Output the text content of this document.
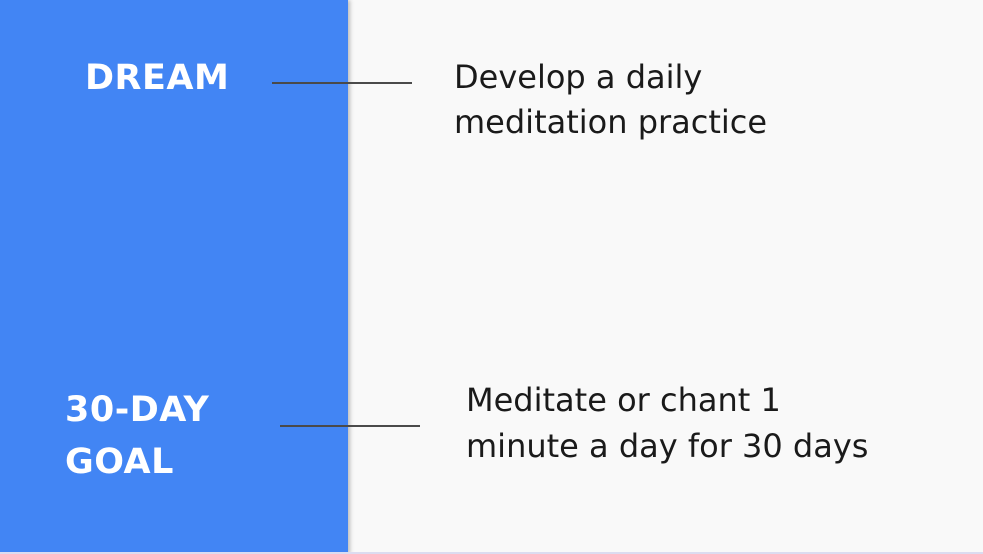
DREAM	Develop a daily meditation practice
30-DAY
GOAL
Meditate or chant 1 minute a day for 30 days
